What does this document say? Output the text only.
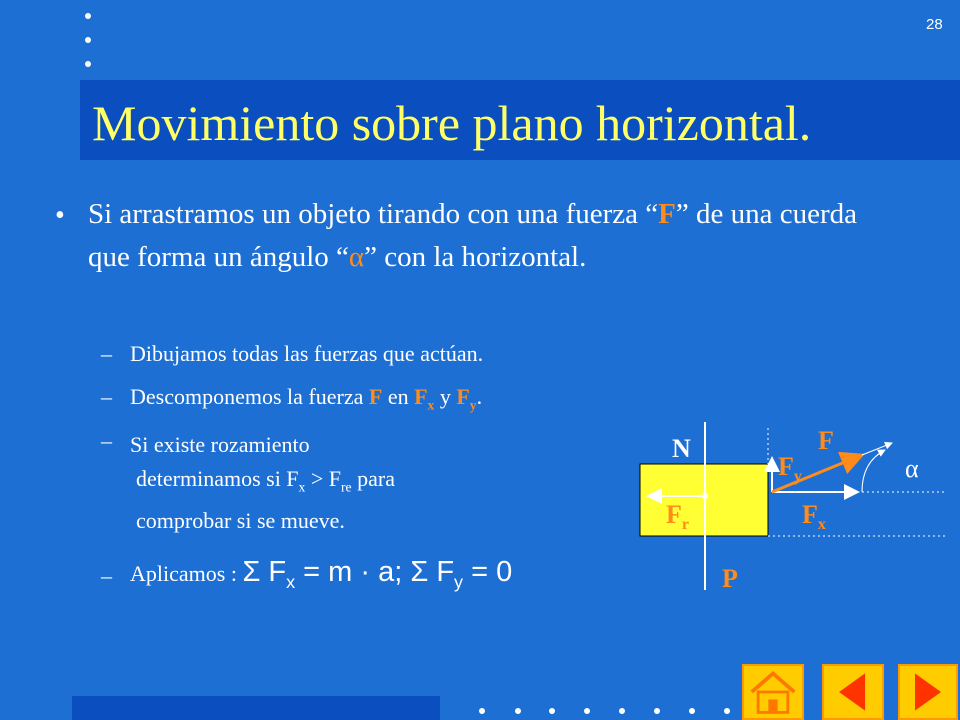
28
Movimiento sobre plano horizontal.
• Si arrastramos un objeto tirando con una fuerza “F” de una cuerda que forma un ángulo “α” con la horizontal.
– Dibujamos todas las fuerzas que actúan.
– Descomponemos la fuerza F en $F_x$ y $F_y$.
– Si existe rozamiento
determinamos si $F_x > F_{re}$ para
comprobar si se mueve.
– Aplicamos : Σ $F_x = m \cdot a$; Σ $F_y = 0$
N
P
F
$F_y$
$F_x$
$F_r$
α
